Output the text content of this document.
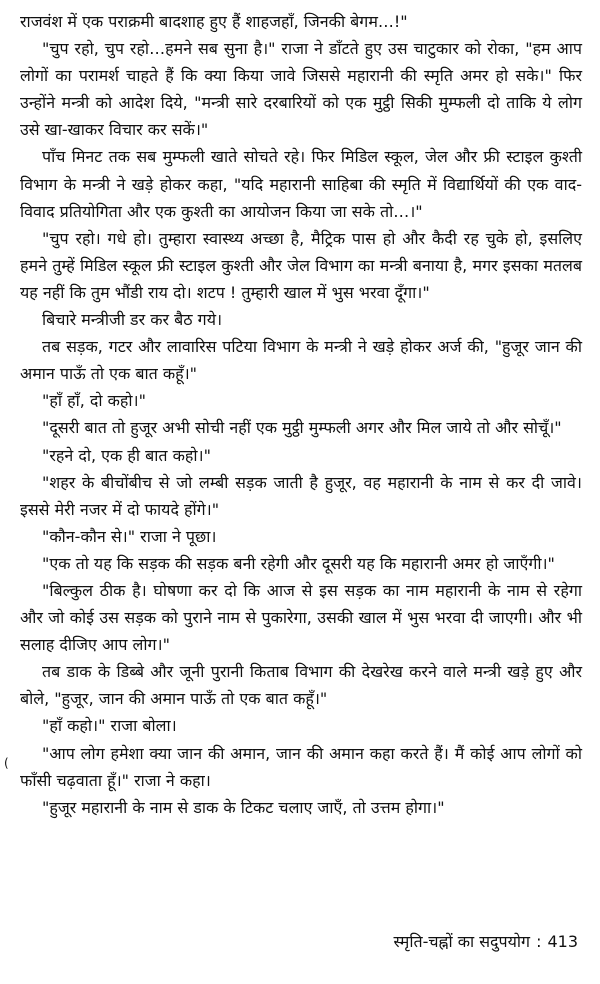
राजवंश में एक पराक्रमी बादशाह हुए हैं शाहजहाँ, जिनकी बेगम…!"

"चुप रहो, चुप रहो…हमने सब सुना है।" राजा ने डाँटते हुए उस चाटुकार को रोका, "हम आप लोगों का परामर्श चाहते हैं कि क्या किया जावे जिससे महारानी की स्मृति अमर हो सके।" फिर उन्होंने मन्त्री को आदेश दिये, "मन्त्री सारे दरबारियों को एक मुट्ठी सिकी मुम्फली दो ताकि ये लोग उसे खा-खाकर विचार कर सकें।"

पाँच मिनट तक सब मुम्फली खाते सोचते रहे। फिर मिडिल स्कूल, जेल और फ्री स्टाइल कुश्ती विभाग के मन्त्री ने खड़े होकर कहा, "यदि महारानी साहिबा की स्मृति में विद्यार्थियों की एक वाद-विवाद प्रतियोगिता और एक कुश्ती का आयोजन किया जा सके तो…।"

"चुप रहो। गधे हो। तुम्हारा स्वास्थ्य अच्छा है, मैट्रिक पास हो और कैदी रह चुके हो, इसलिए हमने तुम्हें मिडिल स्कूल फ्री स्टाइल कुश्ती और जेल विभाग का मन्त्री बनाया है, मगर इसका मतलब यह नहीं कि तुम भौंडी राय दो। शटप ! तुम्हारी खाल में भुस भरवा दूँगा।"

बिचारे मन्त्रीजी डर कर बैठ गये।

तब सड़क, गटर और लावारिस पटिया विभाग के मन्त्री ने खड़े होकर अर्ज की, "हुजूर जान की अमान पाऊँ तो एक बात कहूँ।"

"हाँ हाँ, दो कहो।"

"दूसरी बात तो हुजूर अभी सोची नहीं एक मुट्ठी मुम्फली अगर और मिल जाये तो और सोचूँ।"

"रहने दो, एक ही बात कहो।"

"शहर के बीचोंबीच से जो लम्बी सड़क जाती है हुजूर, वह महारानी के नाम से कर दी जावे। इससे मेरी नजर में दो फायदे होंगे।"

"कौन-कौन से।" राजा ने पूछा।

"एक तो यह कि सड़क की सड़क बनी रहेगी और दूसरी यह कि महारानी अमर हो जाएँगी।"

"बिल्कुल ठीक है। घोषणा कर दो कि आज से इस सड़क का नाम महारानी के नाम से रहेगा और जो कोई उस सड़क को पुराने नाम से पुकारेगा, उसकी खाल में भुस भरवा दी जाएगी। और भी सलाह दीजिए आप लोग।"

तब डाक के डिब्बे और जूनी पुरानी किताब विभाग की देखरेख करने वाले मन्त्री खड़े हुए और बोले, "हुजूर, जान की अमान पाऊँ तो एक बात कहूँ।"

"हाँ कहो।" राजा बोला।

"आप लोग हमेशा क्या जान की अमान, जान की अमान कहा करते हैं। मैं कोई आप लोगों को फाँसी चढ़वाता हूँ।" राजा ने कहा।

"हुजूर महारानी के नाम से डाक के टिकट चलाए जाएँ, तो उत्तम होगा।"

(
स्मृति-चह्नों का सदुपयोग : 413
